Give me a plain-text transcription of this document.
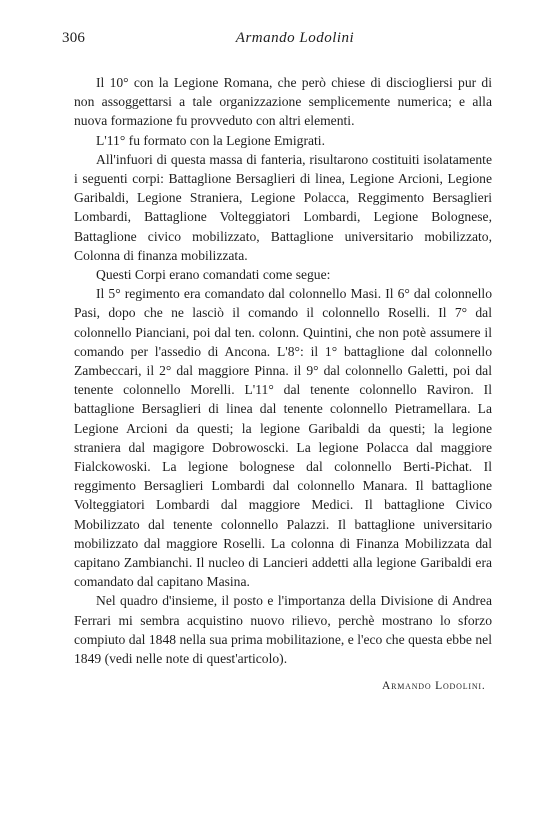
306	Armando Lodolini

Il 10° con la Legione Romana, che però chiese di disciogliersi pur di non assoggettarsi a tale organizzazione semplicemente numerica; e alla nuova formazione fu provveduto con altri elementi.

L'11° fu formato con la Legione Emigrati.

All'infuori di questa massa di fanteria, risultarono costituiti isolatamente i seguenti corpi: Battaglione Bersaglieri di linea, Legione Arcioni, Legione Garibaldi, Legione Straniera, Legione Polacca, Reggimento Bersaglieri Lombardi, Battaglione Volteggiatori Lombardi, Legione Bolognese, Battaglione civico mobilizzato, Battaglione universitario mobilizzato, Colonna di finanza mobilizzata.

Questi Corpi erano comandati come segue:

Il 5° regimento era comandato dal colonnello Masi. Il 6° dal colonnello Pasi, dopo che ne lasciò il comando il colonnello Roselli. Il 7° dal colonnello Pianciani, poi dal ten. colonn. Quintini, che non potè assumere il comando per l'assedio di Ancona. L'8°: il 1° battaglione dal colonnello Zambeccari, il 2° dal maggiore Pinna. il 9° dal colonnello Galetti, poi dal tenente colonnello Morelli. L'11° dal tenente colonnello Raviron. Il battaglione Bersaglieri di linea dal tenente colonnello Pietramellara. La Legione Arcioni da questi; la legione Garibaldi da questi; la legione straniera dal magigore Dobrowoscki. La legione Polacca dal maggiore Fialckowoski. La legione bolognese dal colonnello Berti-Pichat. Il reggimento Bersaglieri Lombardi dal colonnello Manara. Il battaglione Volteggiatori Lombardi dal maggiore Medici. Il battaglione Civico Mobilizzato dal tenente colonnello Palazzi. Il battaglione universitario mobilizzato dal maggiore Roselli. La colonna di Finanza Mobilizzata dal capitano Zambianchi. Il nucleo di Lancieri addetti alla legione Garibaldi era comandato dal capitano Masina.

Nel quadro d'insieme, il posto e l'importanza della Divisione di Andrea Ferrari mi sembra acquistino nuovo rilievo, perchè mostrano lo sforzo compiuto dal 1848 nella sua prima mobilitazione, e l'eco che questa ebbe nel 1849 (vedi nelle note di quest'articolo).

Armando Lodolini.
